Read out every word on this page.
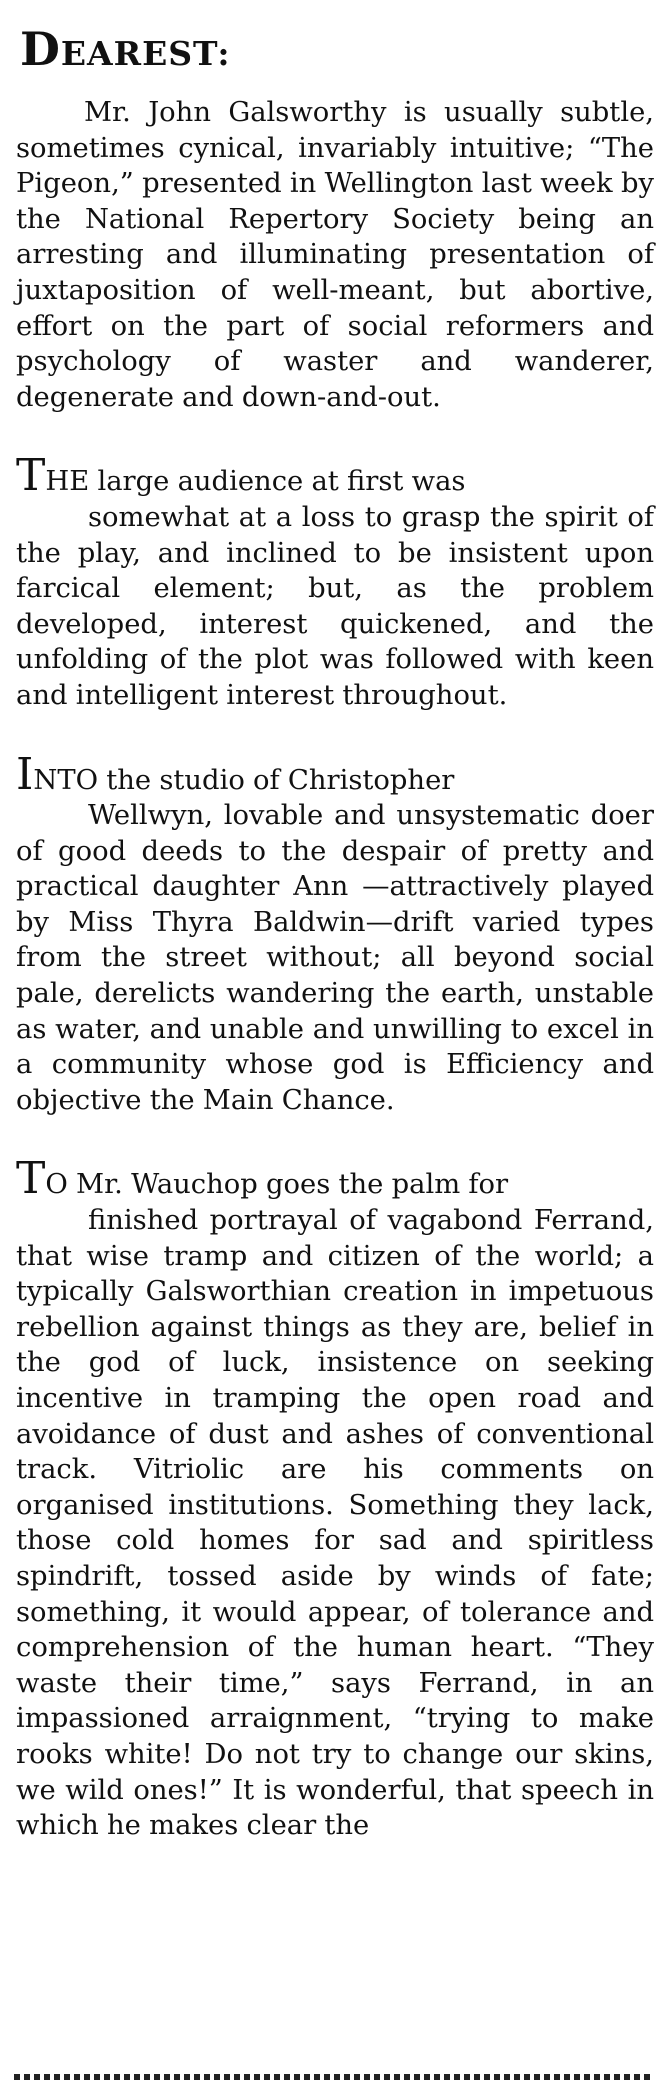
DEAREST:

Mr. John Galsworthy is usually subtle, sometimes cynical, invariably intuitive; “The Pigeon,” presented in Wellington last week by the National Repertory Society being an arresting and illuminating presentation of juxtaposition of well-meant, but abortive, effort on the part of social reformers and psychology of waster and wanderer, degenerate and down-and-out.

THE large audience at first was
somewhat at a loss to grasp the spirit of the play, and inclined to be insistent upon farcical element; but, as the problem developed, interest quickened, and the unfolding of the plot was followed with keen and intelligent interest throughout.

INTO the studio of Christopher
Wellwyn, lovable and unsystematic doer of good deeds to the despair of pretty and practical daughter Ann —attractively played by Miss Thyra Baldwin—drift varied types from the street without; all beyond social pale, derelicts wandering the earth, unstable as water, and unable and unwilling to excel in a community whose god is Efficiency and objective the Main Chance.

TO Mr. Wauchop goes the palm for
finished portrayal of vagabond Ferrand, that wise tramp and citizen of the world; a typically Galsworthian creation in impetuous rebellion against things as they are, belief in the god of luck, insistence on seeking incentive in tramping the open road and avoidance of dust and ashes of conventional track. Vitriolic are his comments on organised institutions. Something they lack, those cold homes for sad and spiritless spindrift, tossed aside by winds of fate; something, it would appear, of tolerance and comprehension of the human heart. “They waste their time,” says Ferrand, in an impassioned arraignment, “trying to make rooks white! Do not try to change our skins, we wild ones!” It is wonderful, that speech in which he makes clear the
